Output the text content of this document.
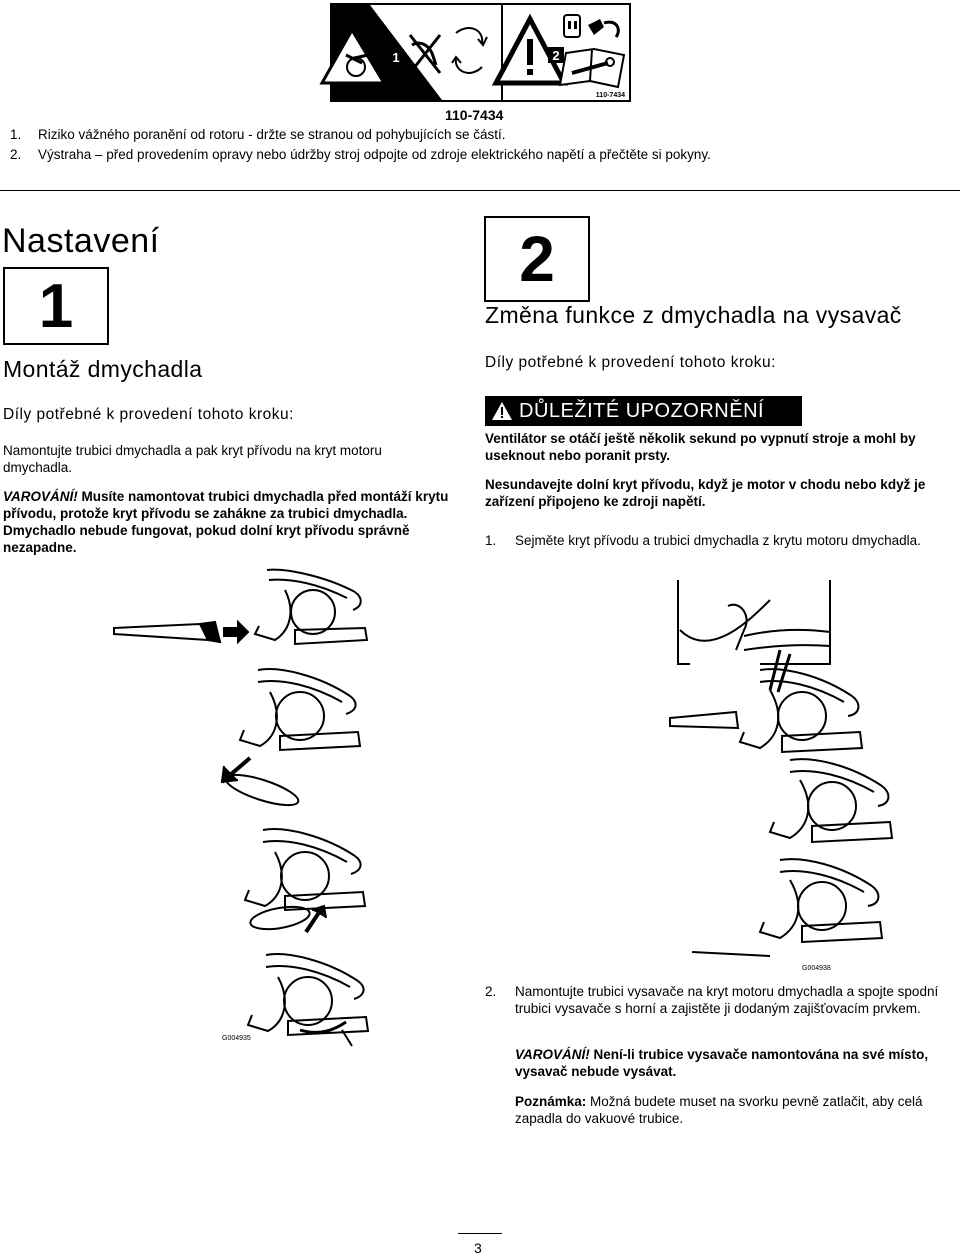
1	2
110-7434
110-7434
1.	Riziko vážného poranění od rotoru - držte se stranou od pohybujících se částí.
2.	Výstraha – před provedením opravy nebo údržby stroj odpojte od zdroje elektrického napětí a přečtěte si pokyny.
Nastavení
1
Montáž dmychadla
Díly potřebné k provedení tohoto kroku:
Namontujte trubici dmychadla a pak kryt přívodu na kryt motoru dmychadla.
VAROVÁNÍ! Musíte namontovat trubici dmychadla před montáží krytu přívodu, protože kryt přívodu se zahákne za trubici dmychadla. Dmychadlo nebude fungovat, pokud dolní kryt přívodu správně nezapadne.
G004935
2
Změna funkce z dmychadla na vysavač
Díly potřebné k provedení tohoto kroku:
DŮLEŽITÉ UPOZORNĚNÍ
Ventilátor se otáčí ještě několik sekund po vypnutí stroje a mohl by useknout nebo poranit prsty.
Nesundavejte dolní kryt přívodu, když je motor v chodu nebo když je zařízení připojeno ke zdroji napětí.
1.	Sejměte kryt přívodu a trubici dmychadla z krytu motoru dmychadla.
G004938
2.	Namontujte trubici vysavače na kryt motoru dmychadla a spojte spodní trubici vysavače s horní a zajistěte ji dodaným zajišťovacím prvkem.
VAROVÁNÍ! Není-li trubice vysavače namontována na své místo, vysavač nebude vysávat.
Poznámka: Možná budete muset na svorku pevně zatlačit, aby celá zapadla do vakuové trubice.
3
